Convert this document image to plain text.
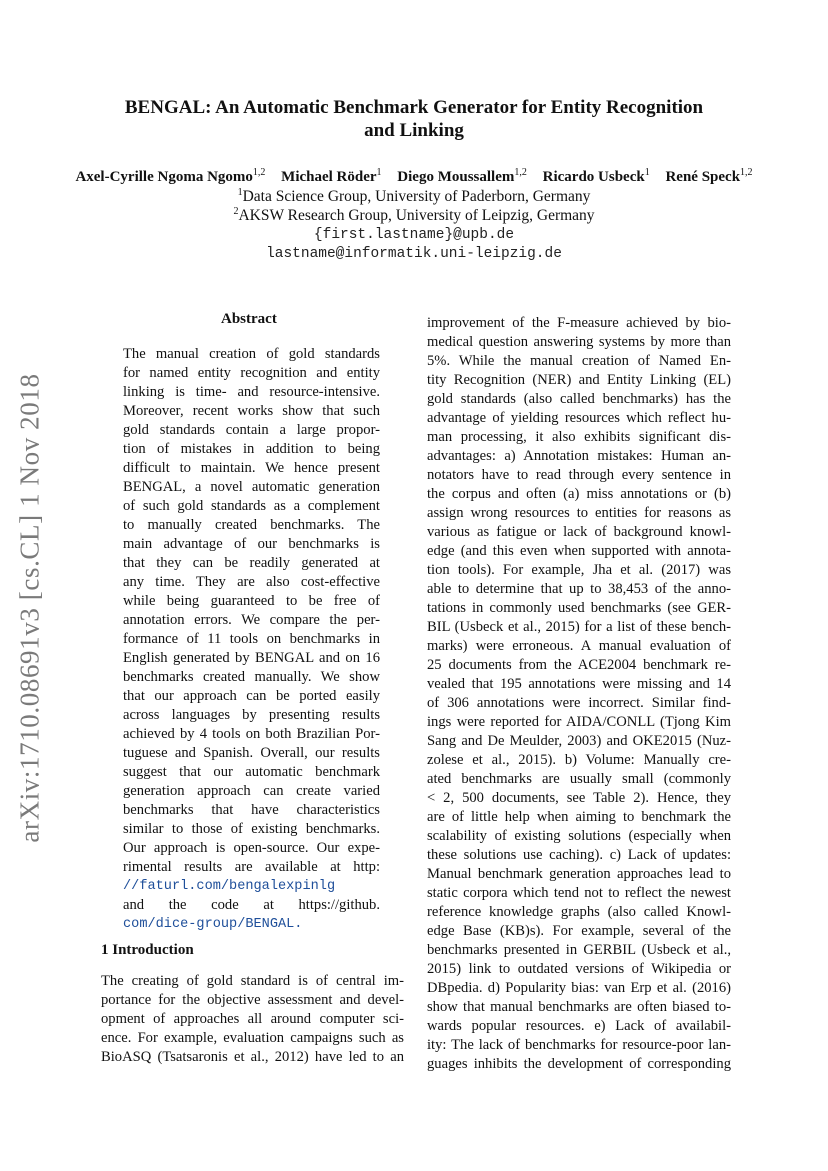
arXiv:1710.08691v3 [cs.CL] 1 Nov 2018
BENGAL: An Automatic Benchmark Generator for Entity Recognition
and Linking
Axel-Cyrille Ngoma Ngomo$^{1,2}$ Michael Röder$^1$ Diego Moussallem$^{1,2}$ Ricardo Usbeck$^1$ René Speck$^{1,2}$
$^1$Data Science Group, University of Paderborn, Germany
$^2$AKSW Research Group, University of Leipzig, Germany
{first.lastname}@upb.de
lastname@informatik.uni-leipzig.de
Abstract
The manual creation of gold standards
for named entity recognition and entity
linking is time- and resource-intensive.
Moreover, recent works show that such
gold standards contain a large propor-
tion of mistakes in addition to being
difficult to maintain. We hence present
BENGAL, a novel automatic generation
of such gold standards as a complement
to manually created benchmarks. The
main advantage of our benchmarks is
that they can be readily generated at
any time. They are also cost-effective
while being guaranteed to be free of
annotation errors. We compare the per-
formance of 11 tools on benchmarks in
English generated by BENGAL and on 16
benchmarks created manually. We show
that our approach can be ported easily
across languages by presenting results
achieved by 4 tools on both Brazilian Por-
tuguese and Spanish. Overall, our results
suggest that our automatic benchmark
generation approach can create varied
benchmarks that have characteristics
similar to those of existing benchmarks.
Our approach is open-source. Our expe-
rimental results are available at http:
//faturl.com/bengalexpinlg
and the code at https://github.
com/dice-group/BENGAL.
1 Introduction
The creating of gold standard is of central im-
portance for the objective assessment and devel-
opment of approaches all around computer sci-
ence. For example, evaluation campaigns such as
BioASQ (Tsatsaronis et al., 2012) have led to an
improvement of the F-measure achieved by bio-
medical question answering systems by more than
5%. While the manual creation of Named En-
tity Recognition (NER) and Entity Linking (EL)
gold standards (also called benchmarks) has the
advantage of yielding resources which reflect hu-
man processing, it also exhibits significant dis-
advantages: a) Annotation mistakes: Human an-
notators have to read through every sentence in
the corpus and often (a) miss annotations or (b)
assign wrong resources to entities for reasons as
various as fatigue or lack of background knowl-
edge (and this even when supported with annota-
tion tools). For example, Jha et al. (2017) was
able to determine that up to 38,453 of the anno-
tations in commonly used benchmarks (see GER-
BIL (Usbeck et al., 2015) for a list of these bench-
marks) were erroneous. A manual evaluation of
25 documents from the ACE2004 benchmark re-
vealed that 195 annotations were missing and 14
of 306 annotations were incorrect. Similar find-
ings were reported for AIDA/CONLL (Tjong Kim
Sang and De Meulder, 2003) and OKE2015 (Nuz-
zolese et al., 2015). b) Volume: Manually cre-
ated benchmarks are usually small (commonly
< 2, 500 documents, see Table 2). Hence, they
are of little help when aiming to benchmark the
scalability of existing solutions (especially when
these solutions use caching). c) Lack of updates:
Manual benchmark generation approaches lead to
static corpora which tend not to reflect the newest
reference knowledge graphs (also called Knowl-
edge Base (KB)s). For example, several of the
benchmarks presented in GERBIL (Usbeck et al.,
2015) link to outdated versions of Wikipedia or
DBpedia. d) Popularity bias: van Erp et al. (2016)
show that manual benchmarks are often biased to-
wards popular resources. e) Lack of availabil-
ity: The lack of benchmarks for resource-poor lan-
guages inhibits the development of corresponding
